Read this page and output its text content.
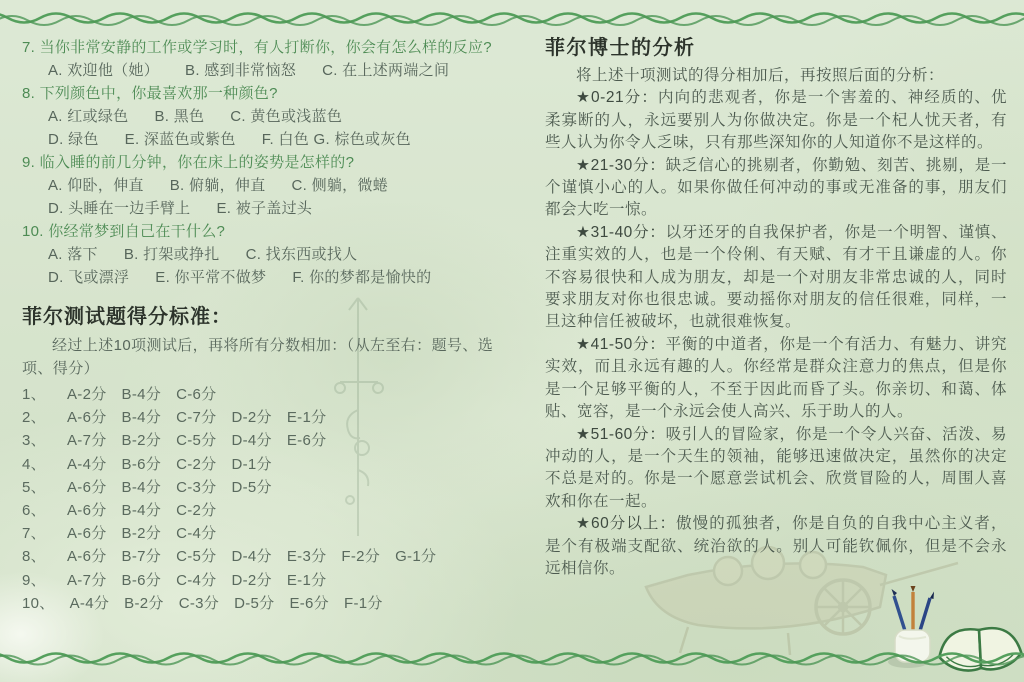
7. 当你非常安静的工作或学习时，有人打断你，你会有怎么样的反应?
A. 欢迎他（她） B. 感到非常恼怒 C. 在上述两端之间
8. 下列颜色中，你最喜欢那一种颜色?
A. 红或绿色 B. 黑色 C. 黄色或浅蓝色
D. 绿色 E. 深蓝色或紫色 F. 白色 G. 棕色或灰色
9. 临入睡的前几分钟，你在床上的姿势是怎样的?
A. 仰卧，伸直 B. 俯躺，伸直 C. 侧躺，微蜷
D. 头睡在一边手臂上 E. 被子盖过头
10. 你经常梦到自己在干什么?
A. 落下 B. 打架或挣扎 C. 找东西或找人
D. 飞或漂浮 E. 你平常不做梦 F. 你的梦都是愉快的
菲尔测试题得分标准：

经过上述10项测试后，再将所有分数相加：（从左至右：题号、选项、得分）

1、	A-2分 B-4分 C-6分
2、	A-6分 B-4分 C-7分 D-2分 E-1分
3、	A-7分 B-2分 C-5分 D-4分 E-6分
4、	A-4分 B-6分 C-2分 D-1分
5、	A-6分 B-4分 C-3分 D-5分
6、	A-6分 B-4分 C-2分
7、	A-6分 B-2分 C-4分
8、	A-6分 B-7分 C-5分 D-4分 E-3分 F-2分 G-1分
9、	A-7分 B-6分 C-4分 D-2分 E-1分
10、 A-4分 B-2分 C-3分 D-5分 E-6分 F-1分
菲尔博士的分析

将上述十项测试的得分相加后，再按照后面的分析：

★0-21分：内向的悲观者，你是一个害羞的、神经质的、优柔寡断的人，永远要别人为你做决定。你是一个杞人忧天者，有些人认为你令人乏味，只有那些深知你的人知道你不是这样的。

★21-30分：缺乏信心的挑剔者，你勤勉、刻苦、挑剔，是一个谨慎小心的人。如果你做任何冲动的事或无准备的事，朋友们都会大吃一惊。

★31-40分：以牙还牙的自我保护者，你是一个明智、谨慎、注重实效的人，也是一个伶俐、有天赋、有才干且谦虚的人。你不容易很快和人成为朋友，却是一个对朋友非常忠诚的人，同时要求朋友对你也很忠诚。要动摇你对朋友的信任很难，同样，一旦这种信任被破坏，也就很难恢复。

★41-50分：平衡的中道者，你是一个有活力、有魅力、讲究实效，而且永远有趣的人。你经常是群众注意力的焦点，但是你是一个足够平衡的人，不至于因此而昏了头。你亲切、和蔼、体贴、宽容，是一个永远会使人高兴、乐于助人的人。

★51-60分：吸引人的冒险家，你是一个令人兴奋、活泼、易冲动的人，是一个天生的领袖，能够迅速做决定，虽然你的决定不总是对的。你是一个愿意尝试机会、欣赏冒险的人，周围人喜欢和你在一起。

★60分以上：傲慢的孤独者，你是自负的自我中心主义者，是个有极端支配欲、统治欲的人。别人可能钦佩你，但是不会永远相信你。
